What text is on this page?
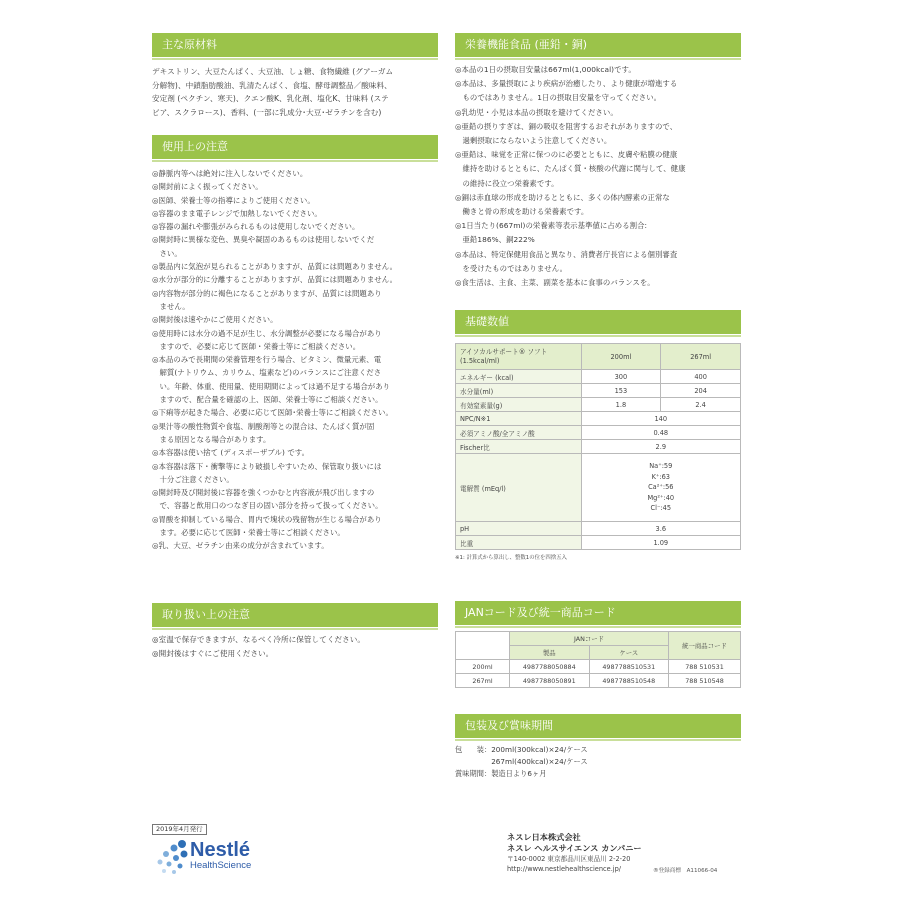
主な原材料

デキストリン、大豆たんぱく、大豆油、しょ糖、食物繊維 (グアーガム

分解物)、中鎖脂肪酸油、乳清たんぱく、食塩、酵母調整品／酸味料、

安定剤 (ペクチン、寒天)、クエン酸K、乳化剤、塩化K、甘味料 (ステ

ビア、スクラロース)、香料、(一部に乳成分･大豆･ゼラチンを含む)

使用上の注意

◎静脈内等へは絶対に注入しないでください。

◎開封前によく振ってください。

◎医師、栄養士等の指導によりご使用ください。

◎容器のまま電子レンジで加熱しないでください。

◎容器の漏れや膨張がみられるものは使用しないでください。

◎開封時に異様な変色、異臭や凝固のあるものは使用しないでくだ

　さい。

◎製品内に気泡が見られることがありますが、品質には問題ありません。

◎水分が部分的に分離することがありますが、品質には問題ありません。

◎内容物が部分的に褐色になることがありますが、品質には問題あり

　ません。

◎開封後は速やかにご使用ください。

◎使用時には水分の過不足が生じ、水分調整が必要になる場合があり

　ますので、必要に応じて医師・栄養士等にご相談ください。

◎本品のみで長期間の栄養管理を行う場合、ビタミン、微量元素、電

　解質(ナトリウム、カリウム、塩素など)のバランスにご注意くださ

　い。年齢、体重、使用量、使用期間によっては過不足する場合があり

　ますので、配合量を確認の上、医師、栄養士等にご相談ください。

◎下痢等が起きた場合、必要に応じて医師･栄養士等にご相談ください。

◎果汁等の酸性物質や食塩、制酸剤等との混合は、たんぱく質が固

　まる原因となる場合があります。

◎本容器は使い捨て (ディスポーザブル) です。

◎本容器は落下・衝撃等により破損しやすいため、保管取り扱いには

　十分ご注意ください。

◎開封時及び開封後に容器を強くつかむと内容液が飛び出しますの

　で、容器と飲用口のつなぎ目の固い部分を持って扱ってください。

◎胃酸を抑制している場合、胃内で塊状の残留物が生じる場合があり

　ます。必要に応じて医師・栄養士等にご相談ください。

◎乳、大豆、ゼラチン由来の成分が含まれています。

取り扱い上の注意

◎室温で保存できますが、なるべく冷所に保管してください。

◎開封後はすぐにご使用ください。

栄養機能食品 (亜鉛・銅)

◎本品の1日の摂取目安量は667ml(1,000kcal)です。

◎本品は、多量摂取により疾病が治癒したり、より健康が増進する

　ものではありません。1日の摂取目安量を守ってください。

◎乳幼児・小児は本品の摂取を避けてください。

◎亜鉛の摂りすぎは、銅の吸収を阻害するおそれがありますので、

　過剰摂取にならないよう注意してください。

◎亜鉛は、味覚を正常に保つのに必要とともに、皮膚や粘膜の健康

　維持を助けるとともに、たんぱく質・核酸の代謝に関与して、健康

　の維持に役立つ栄養素です。

◎銅は赤血球の形成を助けるとともに、多くの体内酵素の正常な

　働きと骨の形成を助ける栄養素です。

◎1日当たり(667ml)の栄養素等表示基準値に占める割合:

　亜鉛186%、銅222%

◎本品は、特定保健用食品と異なり、消費者庁長官による個別審査

　を受けたものではありません。

◎食生活は、主食、主菜、副菜を基本に食事のバランスを。

基礎数値
アイソカルサポート® ソフト
(1.5kcal/ml)	200ml	267ml
エネルギー (kcal)	300	400
水分量(ml)	153	204
有効窒素量(g)	1.8	2.4
NPC/N※1	140	
必須アミノ酸/全アミノ酸	0.48	
Fischer比	2.9	
電解質 (mEq/l)	Na⁺:59
K⁺:63
Ca²⁺:56
Mg²⁺:40
Cl⁻:45	

pH	3.6	
比重	1.09	
※1: 計算式から算出し、整数1の位を四捨五入
JANコード及び統一商品コード
	JANコード		統一商品コード
	製品	ケース	
200ml	4987788050884	4987788510531	788 510531
267ml	4987788050891	4987788510548	788 510548
包装及び賞味期間

包　　装：200ml(300kcal)×24/ケース

　　　　　267ml(400kcal)×24/ケース

賞味期間：製造日より6ヶ月

2019年4月発行
Nestlé
HealthScience
ネスレ日本株式会社
ネスレ ヘルスサイエンス カンパニー
〒140-0002 東京都品川区東品川 2-2-20
http://www.nestlehealthscience.jp/	®登録商標　A11066-04
